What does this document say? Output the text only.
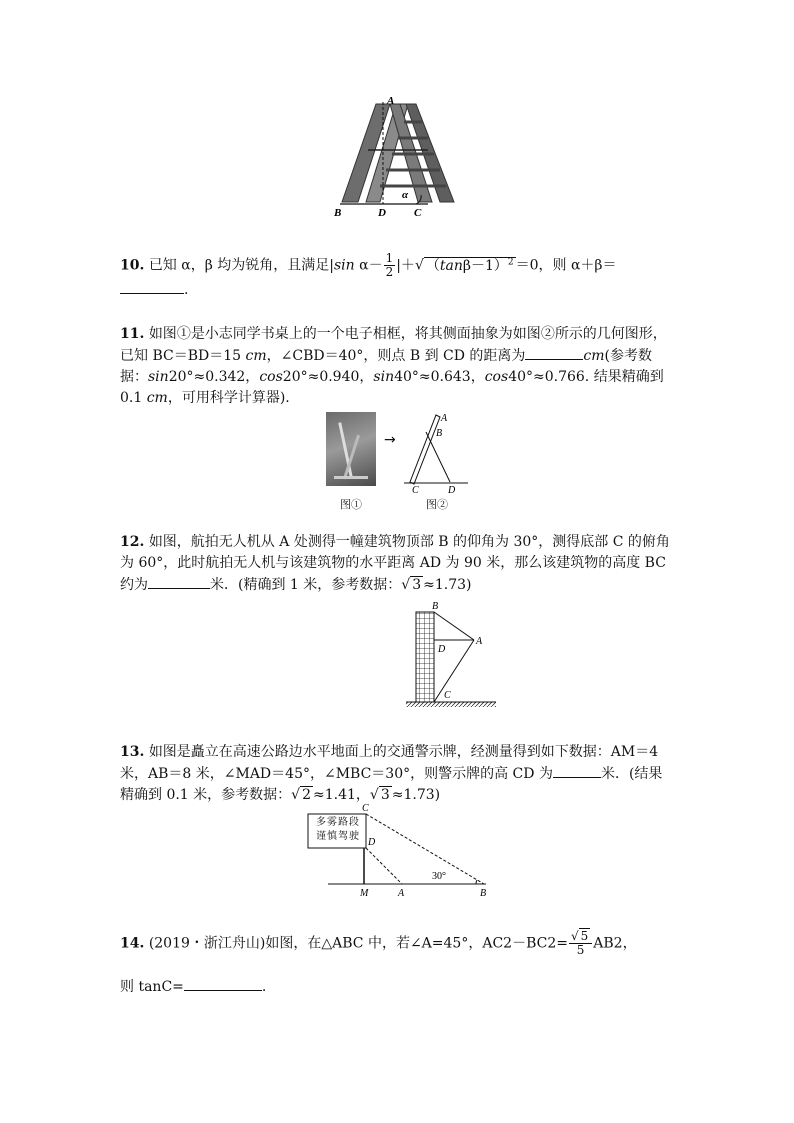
A
B	D	C
α
10. 已知 α，β 均为锐角，且满足|sin $\alpha- \frac{1}{2}$ |＋√ $(\tan\beta-1)^2 =0$，则 α＋β＝
.
11. 如图①是小志同学书桌上的一个电子相框，将其侧面抽象为如图②所示的几何图形，已知 BC＝BD＝15 cm，∠CBD＝40°，则点 B 到 CD 的距离为	cm(参考数据：sin20°≈0.342，cos20°≈0.940，sin40°≈0.643，cos40°≈0.766. 结果精确到 0.1 cm，可用科学计算器).
→
A
B
C	D
图①	图②
12. 如图，航拍无人机从 A 处测得一幢建筑物顶部 B 的仰角为 30°，测得底部 C 的俯角为 60°，此时航拍无人机与该建筑物的水平距离 AD 为 90 米，那么该建筑物的高度 BC 约为	米．(精确到 1 米，参考数据：√ 3 ≈1.73)
B
D
A
C
13. 如图是矗立在高速公路边水平地面上的交通警示牌，经测量得到如下数据：AM＝4 米，AB＝8 米，∠MAD＝45°，∠MBC＝30°，则警示牌的高 CD 为	米．(结果精确到 0.1 米，参考数据：√ 2 ≈1.41，√ 3 ≈1.73)
C
D
M	A	B
30°
多雾路段
谨慎驾驶
14. (2019・浙江舟山)如图，在△ABC 中，若∠A=45°，$AC2-BC2= \frac{√ 5}{5} AB2$，
则 tanC=	.
